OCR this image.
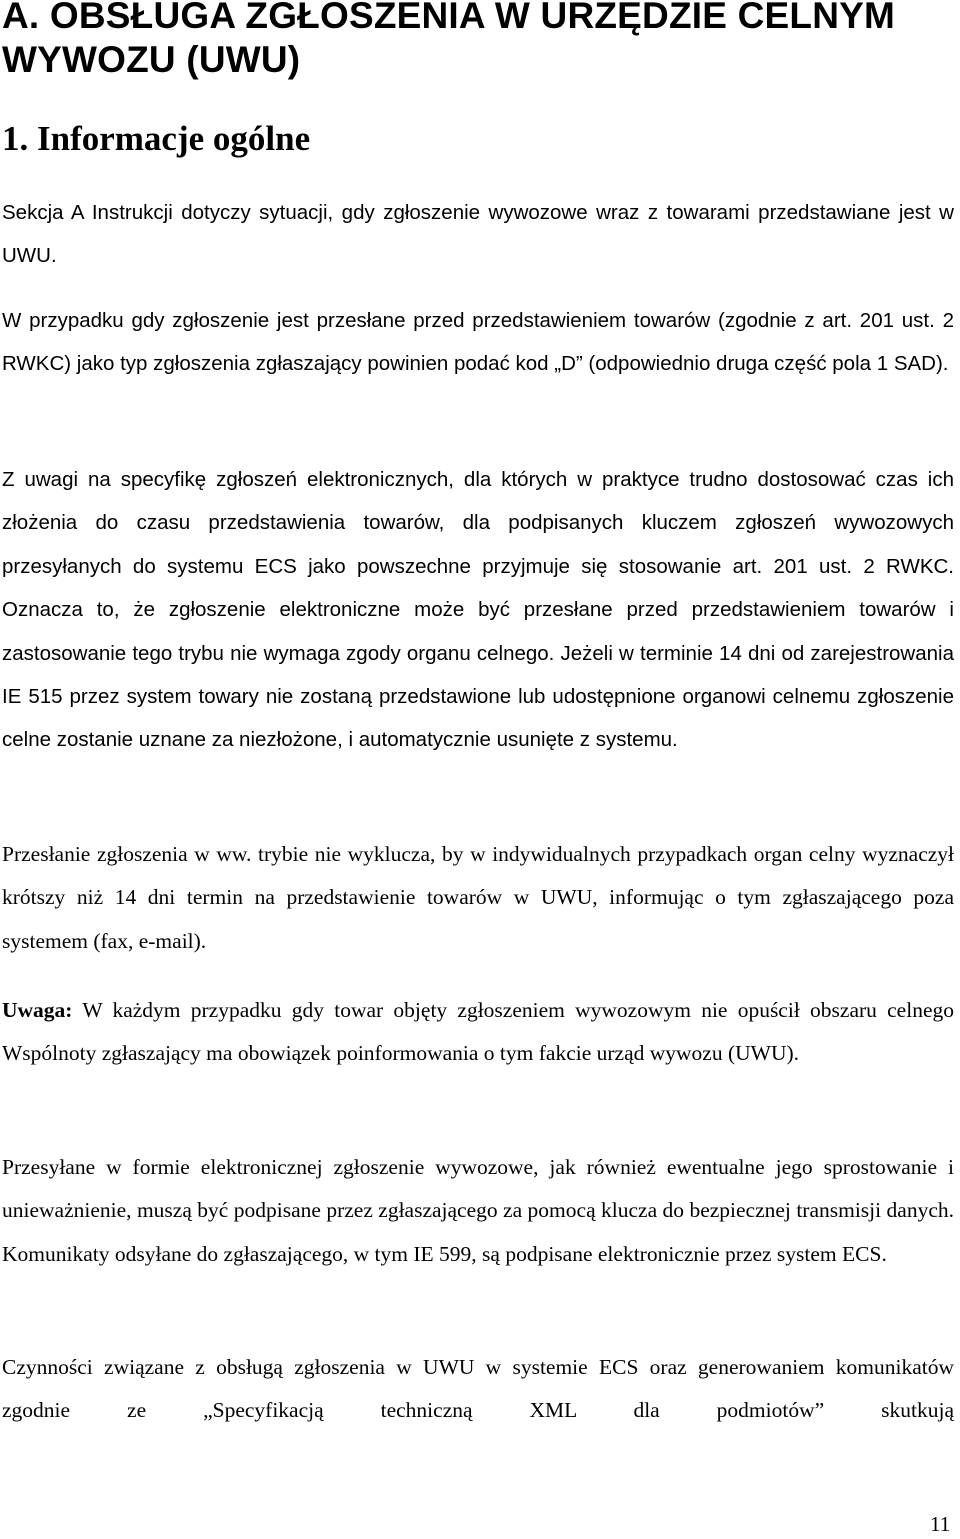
A. OBSŁUGA ZGŁOSZENIA W URZĘDZIE CELNYM WYWOZU (UWU)
1. Informacje ogólne

Sekcja A Instrukcji dotyczy sytuacji, gdy zgłoszenie wywozowe wraz z towarami przedstawiane jest w UWU.

W przypadku gdy zgłoszenie jest przesłane przed przedstawieniem towarów (zgodnie z art. 201 ust. 2 RWKC) jako typ zgłoszenia zgłaszający powinien podać kod „D” (odpowiednio druga część pola 1 SAD).

Z uwagi na specyfikę zgłoszeń elektronicznych, dla których w praktyce trudno dostosować czas ich złożenia do czasu przedstawienia towarów, dla podpisanych kluczem zgłoszeń wywozowych przesyłanych do systemu ECS jako powszechne przyjmuje się stosowanie art. 201 ust. 2 RWKC. Oznacza to, że zgłoszenie elektroniczne może być przesłane przed przedstawieniem towarów i zastosowanie tego trybu nie wymaga zgody organu celnego. Jeżeli w terminie 14 dni od zarejestrowania IE 515 przez system towary nie zostaną przedstawione lub udostępnione organowi celnemu zgłoszenie celne zostanie uznane za niezłożone, i automatycznie usunięte z systemu.

Przesłanie zgłoszenia w ww. trybie nie wyklucza, by w indywidualnych przypadkach organ celny wyznaczył krótszy niż 14 dni termin na przedstawienie towarów w UWU, informując o tym zgłaszającego poza systemem (fax, e-mail).

Uwaga: W każdym przypadku gdy towar objęty zgłoszeniem wywozowym nie opuścił obszaru celnego Wspólnoty zgłaszający ma obowiązek poinformowania o tym fakcie urząd wywozu (UWU).

Przesyłane w formie elektronicznej zgłoszenie wywozowe, jak również ewentualne jego sprostowanie i unieważnienie, muszą być podpisane przez zgłaszającego za pomocą klucza do bezpiecznej transmisji danych. Komunikaty odsyłane do zgłaszającego, w tym IE 599, są podpisane elektronicznie przez system ECS.

Czynności związane z obsługą zgłoszenia w UWU w systemie ECS oraz generowaniem komunikatów zgodnie ze „Specyfikacją techniczną XML dla podmiotów” skutkują

11
